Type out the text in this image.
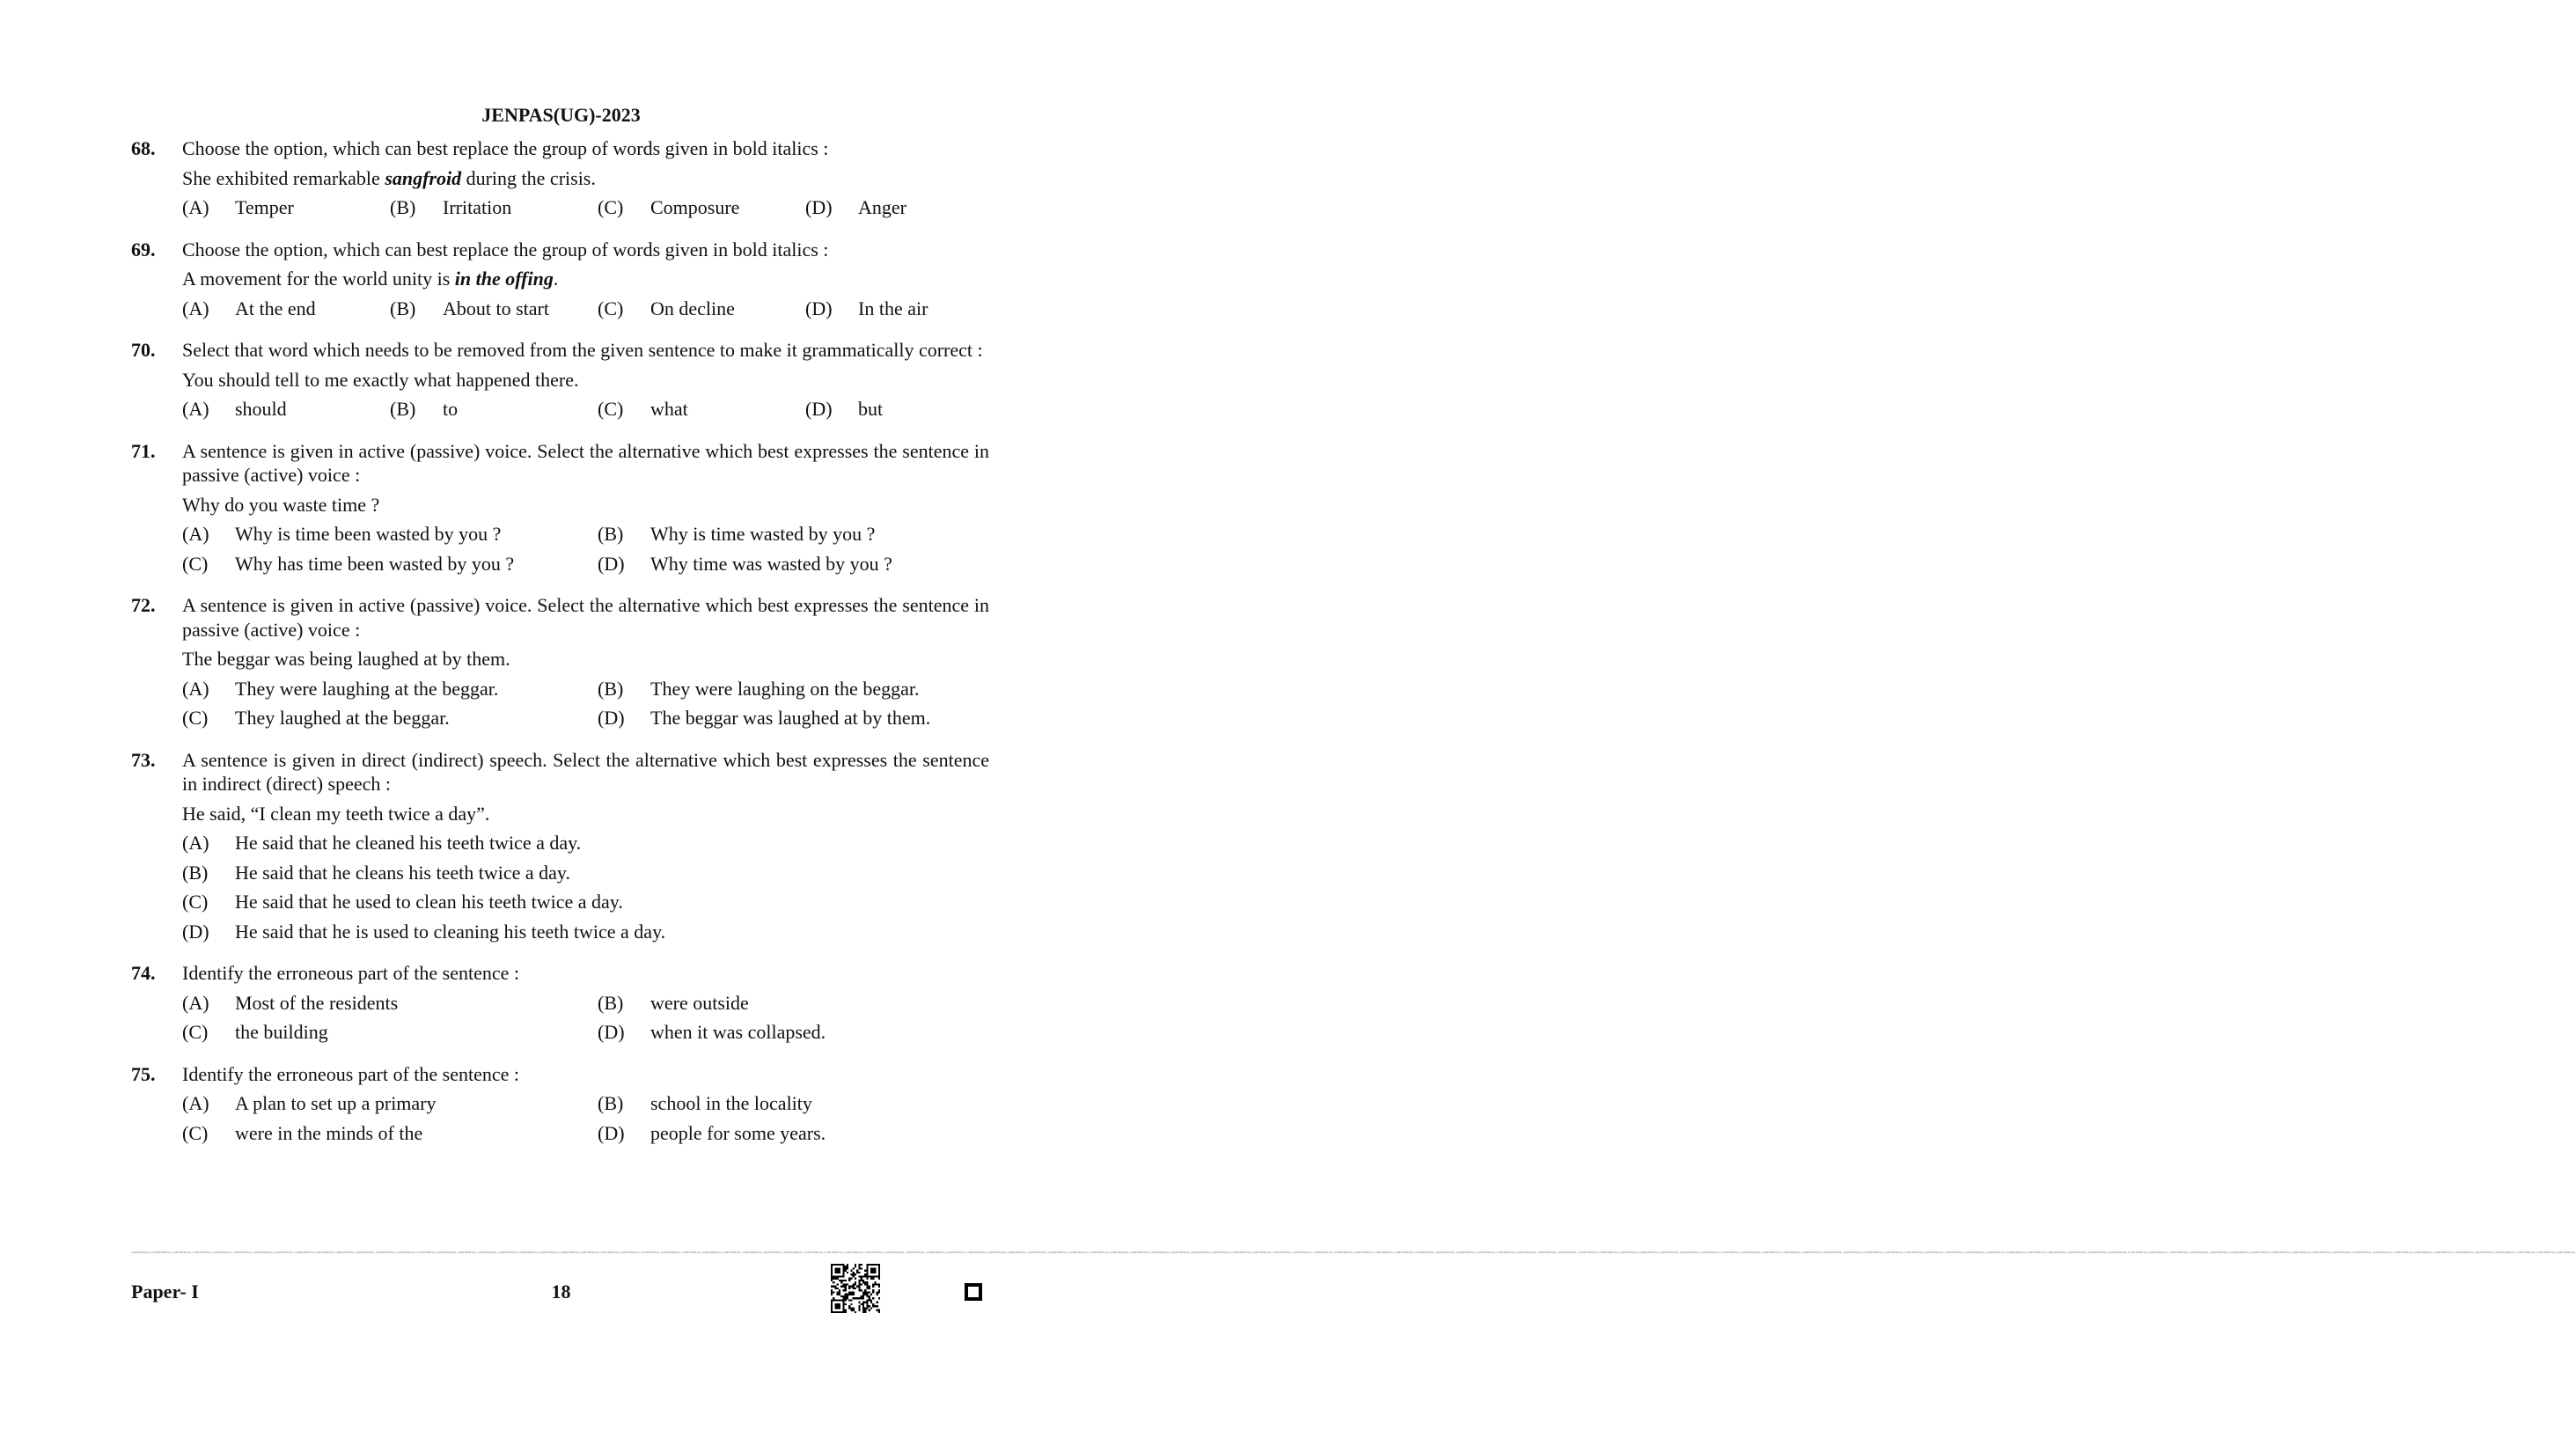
JENPAS(UG)-2023
68. Choose the option, which can best replace the group of words given in bold italics :
She exhibited remarkable sangfroid during the crisis.
(A)	Temper	(B)	Irritation	(C)	Composure	(D)	Anger
69. Choose the option, which can best replace the group of words given in bold italics :
A movement for the world unity is in the offing.
(A)	At the end	(B)	About to start	(C)	On decline	(D)	In the air
70. Select that word which needs to be removed from the given sentence to make it grammatically correct :
You should tell to me exactly what happened there.
(A)	should	(B)	to	(C)	what	(D)	but
71. A sentence is given in active (passive) voice. Select the alternative which best expresses the sentence in passive (active) voice :
Why do you waste time ?
(A)	Why is time been wasted by you ?	(B)	Why is time wasted by you ?
(C)	Why has time been wasted by you ?	(D)	Why time was wasted by you ?
72. A sentence is given in active (passive) voice. Select the alternative which best expresses the sentence in passive (active) voice :
The beggar was being laughed at by them.
(A)	They were laughing at the beggar.	(B)	They were laughing on the beggar.
(C)	They laughed at the beggar.	(D)	The beggar was laughed at by them.
73. A sentence is given in direct (indirect) speech. Select the alternative which best expresses the sentence in indirect (direct) speech :
He said, “I clean my teeth twice a day”.
(A)	He said that he cleaned his teeth twice a day.
(B)	He said that he cleans his teeth twice a day.
(C)	He said that he used to clean his teeth twice a day.
(D)	He said that he is used to cleaning his teeth twice a day.
74. Identify the erroneous part of the sentence :
(A)	Most of the residents	(B)	were outside
(C)	the building	(D)	when it was collapsed.
75. Identify the erroneous part of the sentence :
(A)	A plan to set up a primary	(B)	school in the locality
(C)	were in the minds of the	(D)	people for some years.
CONFIDENTIAL CONFIDENTIAL CONFIDENTIAL CONFIDENTIAL CONFIDENTIAL CONFIDENTIAL CONFIDENTIAL CONFIDENTIAL CONFIDENTIAL CONFIDENTIAL CONFIDENTIAL CONFIDENTIAL CONFIDENTIAL CONFIDENTIAL CONFIDENTIAL CONFIDENTIAL CONFIDENTIAL CONFIDENTIAL CONFIDENTIAL CONFIDENTIAL CONFIDENTIAL CONFIDENTIAL CONFIDENTIAL CONFIDENTIAL CONFIDENTIAL CONFIDENTIAL CONFIDENTIAL CONFIDENTIAL CONFIDENTIAL CONFIDENTIAL CONFIDENTIAL CONFIDENTIAL CONFIDENTIAL CONFIDENTIAL CONFIDENTIAL CONFIDENTIAL CONFIDENTIAL CONFIDENTIAL CONFIDENTIAL CONFIDENTIAL CONFIDENTIAL CONFIDENTIAL CONFIDENTIAL CONFIDENTIAL CONFIDENTIAL CONFIDENTIAL CONFIDENTIAL CONFIDENTIAL CONFIDENTIAL CONFIDENTIAL CONFIDENTIAL CONFIDENTIAL CONFIDENTIAL CONFIDENTIAL CONFIDENTIAL CONFIDENTIAL CONFIDENTIAL CONFIDENTIAL CONFIDENTIAL CONFIDENTIAL CONFIDENTIAL CONFIDENTIAL CONFIDENTIAL CONFIDENTIAL CONFIDENTIAL CONFIDENTIAL CONFIDENTIAL CONFIDENTIAL CONFIDENTIAL CONFIDENTIAL CONFIDENTIAL CONFIDENTIAL CONFIDENTIAL CONFIDENTIAL CONFIDENTIAL CONFIDENTIAL CONFIDENTIAL CONFIDENTIAL CONFIDENTIAL CONFIDENTIAL CONFIDENTIAL CONFIDENTIAL CONFIDENTIAL CONFIDENTIAL CONFIDENTIAL CONFIDENTIAL CONFIDENTIAL CONFIDENTIAL CONFIDENTIAL CONFIDENTIAL CONFIDENTIAL CONFIDENTIAL CONFIDENTIAL CONFIDENTIAL CONFIDENTIAL CONFIDENTIAL CONFIDENTIAL CONFIDENTIAL CONFIDENTIAL CONFIDENTIAL CONFIDENTIAL CONFIDENTIAL CONFIDENTIAL CONFIDENTIAL CONFIDENTIAL CONFIDENTIAL CONFIDENTIAL CONFIDENTIAL CONFIDENTIAL CONFIDENTIAL CONFIDENTIAL CONFIDENTIAL CONFIDENTIAL CONFIDENTIAL CONFIDENTIAL CONFIDENTIAL CONFIDENTIAL CONFIDENTIAL CONFIDENTIAL CONFIDENTIAL
Paper- I	18
